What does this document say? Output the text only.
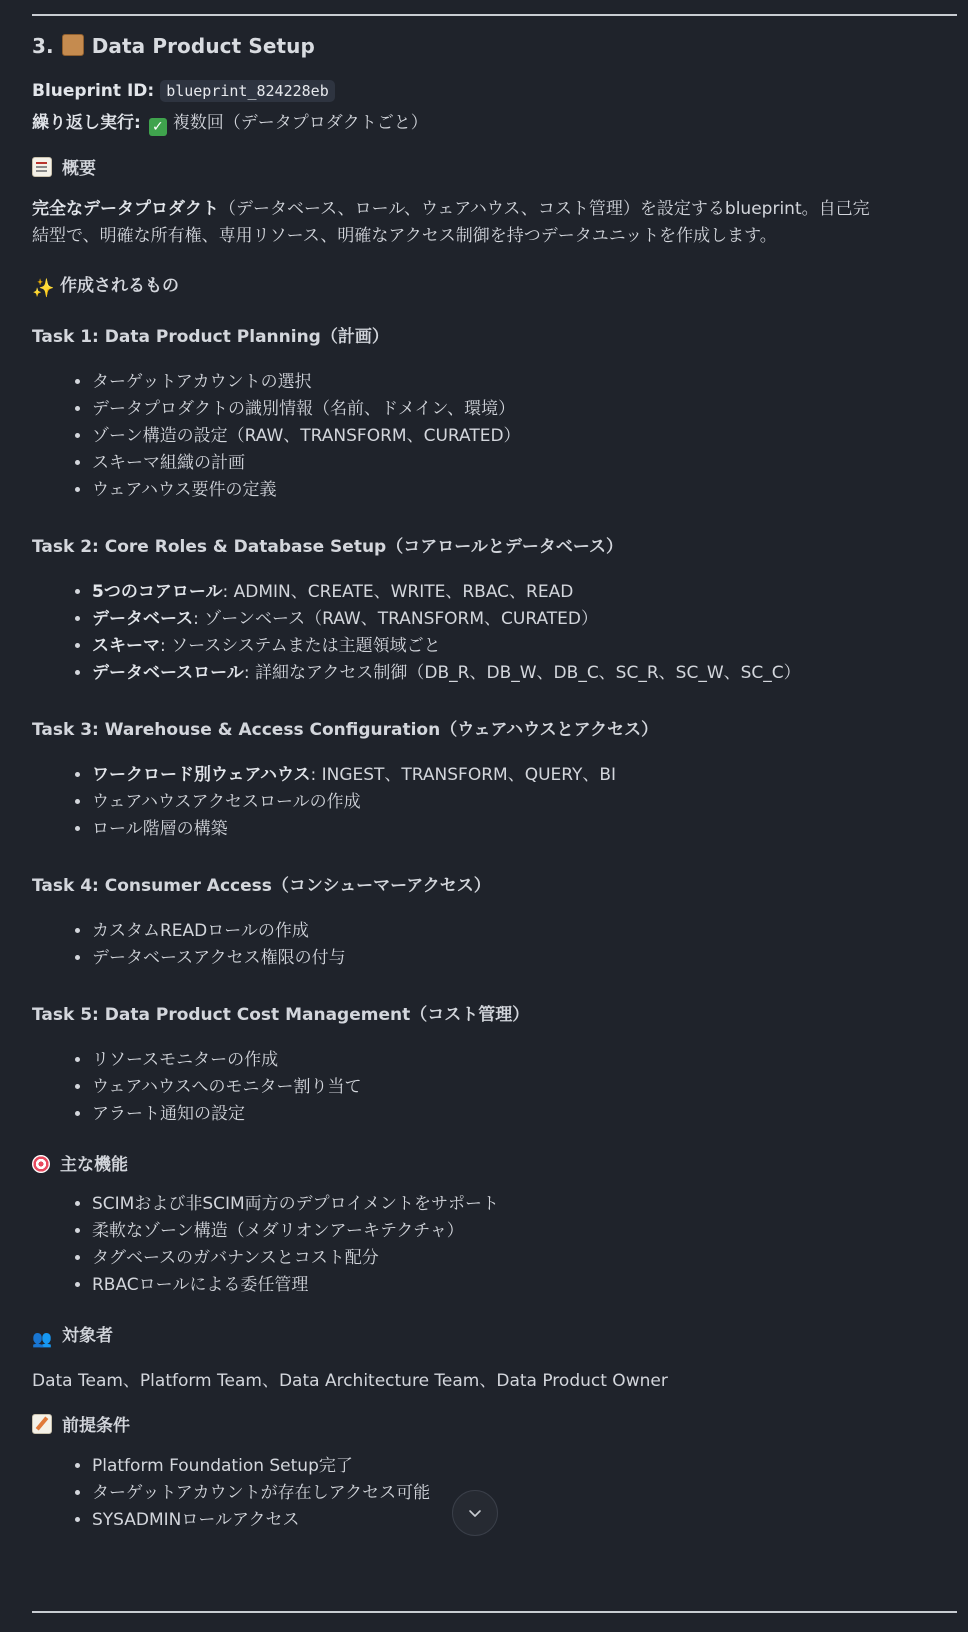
3. Data Product Setup
Blueprint ID: blueprint_824228eb
繰り返し実行: ✓ 複数回（データプロダクトごと）
概要
完全なデータプロダクト（データベース、ロール、ウェアハウス、コスト管理）を設定するblueprint。自己完
結型で、明確な所有権、専用リソース、明確なアクセス制御を持つデータユニットを作成します。
✨ 作成されるもの
Task 1: Data Product Planning（計画）
• ターゲットアカウントの選択
• データプロダクトの識別情報（名前、ドメイン、環境）
• ゾーン構造の設定（RAW、TRANSFORM、CURATED）
• スキーマ組織の計画
• ウェアハウス要件の定義
Task 2: Core Roles & Database Setup（コアロールとデータベース）
• 5つのコアロール: ADMIN、CREATE、WRITE、RBAC、READ
• データベース: ゾーンベース（RAW、TRANSFORM、CURATED）
• スキーマ: ソースシステムまたは主題領域ごと
• データベースロール: 詳細なアクセス制御（DB_R、DB_W、DB_C、SC_R、SC_W、SC_C）
Task 3: Warehouse & Access Configuration（ウェアハウスとアクセス）
• ワークロード別ウェアハウス: INGEST、TRANSFORM、QUERY、BI
• ウェアハウスアクセスロールの作成
• ロール階層の構築
Task 4: Consumer Access（コンシューマーアクセス）
• カスタムREADロールの作成
• データベースアクセス権限の付与
Task 5: Data Product Cost Management（コスト管理）
• リソースモニターの作成
• ウェアハウスへのモニター割り当て
• アラート通知の設定
主な機能
• SCIMおよび非SCIM両方のデプロイメントをサポート
• 柔軟なゾーン構造（メダリオンアーキテクチャ）
• タグベースのガバナンスとコスト配分
• RBACロールによる委任管理
👥 対象者
Data Team、Platform Team、Data Architecture Team、Data Product Owner
前提条件
• Platform Foundation Setup完了
• ターゲットアカウントが存在しアクセス可能
• SYSADMINロールアクセス
